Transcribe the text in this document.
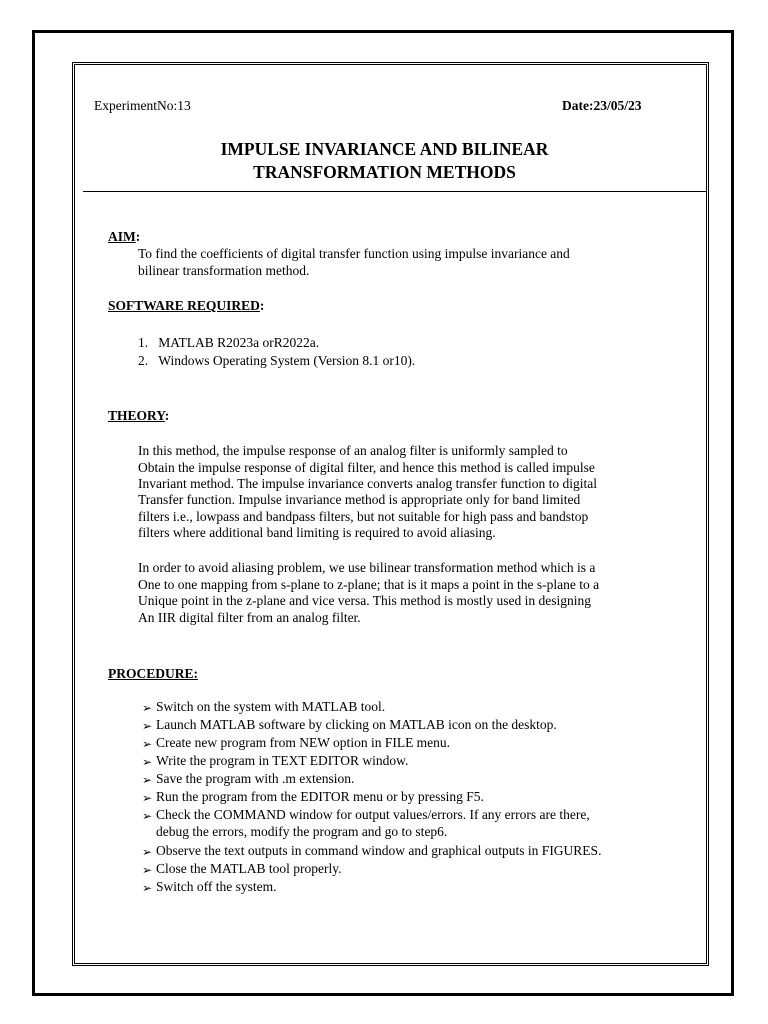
ExperimentNo:13	Date:23/05/23
IMPULSE INVARIANCE AND BILINEAR
TRANSFORMATION METHODS
AIM:
To find the coefficients of digital transfer function using impulse invariance and
bilinear transformation method.
SOFTWARE REQUIRED:
1.   MATLAB R2023a orR2022a.
2.   Windows Operating System (Version 8.1 or10).
THEORY:
In this method, the impulse response of an analog filter is uniformly sampled to
Obtain the impulse response of digital filter, and hence this method is called impulse
Invariant method. The impulse invariance converts analog transfer function to digital
Transfer function. Impulse invariance method is appropriate only for band limited
filters i.e., lowpass and bandpass filters, but not suitable for high pass and bandstop
filters where additional band limiting is required to avoid aliasing.
In order to avoid aliasing problem, we use bilinear transformation method which is a
One to one mapping from s-plane to z-plane; that is it maps a point in the s-plane to a
Unique point in the z-plane and vice versa. This method is mostly used in designing
An IIR digital filter from an analog filter.
PROCEDURE:
➢ Switch on the system with MATLAB tool.
➢ Launch MATLAB software by clicking on MATLAB icon on the desktop.
➢ Create new program from NEW option in FILE menu.
➢ Write the program in TEXT EDITOR window.
➢ Save the program with .m extension.
➢ Run the program from the EDITOR menu or by pressing F5.
➢ Check the COMMAND window for output values/errors. If any errors are there,
debug the errors, modify the program and go to step6.
➢ Observe the text outputs in command window and graphical outputs in FIGURES.
➢ Close the MATLAB tool properly.
➢ Switch off the system.
